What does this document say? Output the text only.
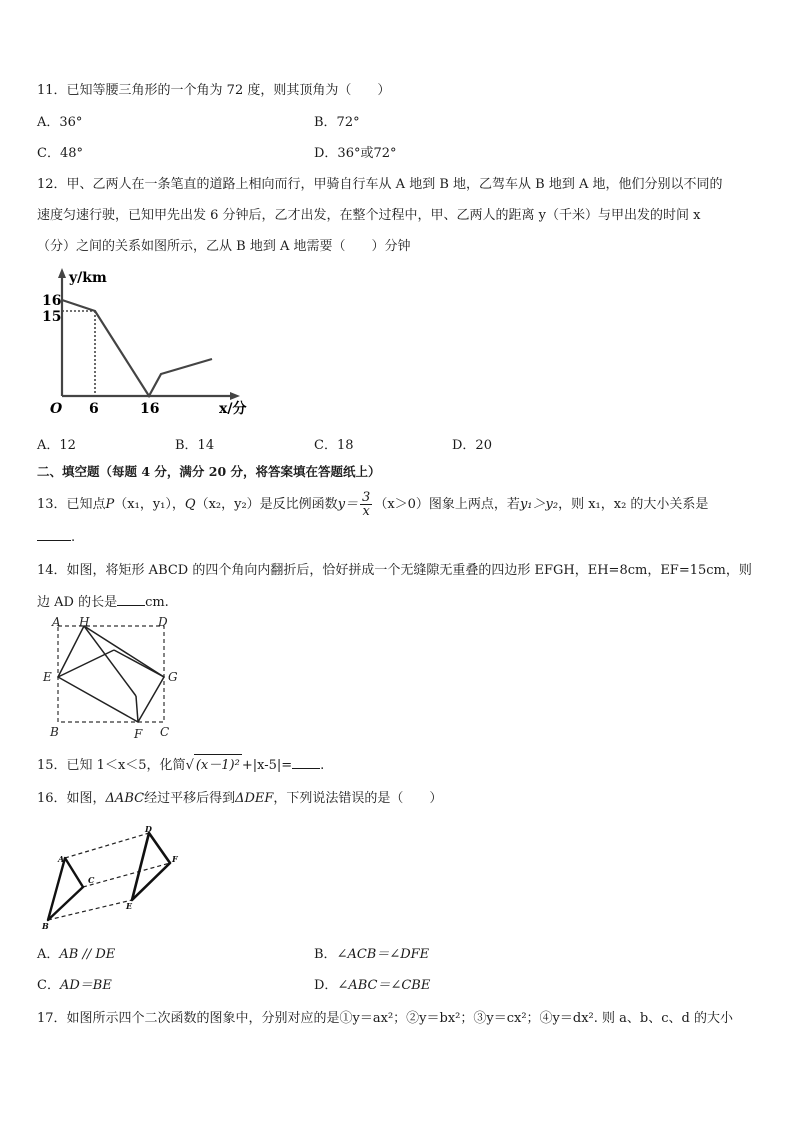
11．已知等腰三角形的一个角为 72 度，则其顶角为（　　）
A．36°	B．72°
C．48°	D．36°或72°
12．甲、乙两人在一条笔直的道路上相向而行，甲骑自行车从 A 地到 B 地，乙驾车从 B 地到 A 地，他们分别以不同的
速度匀速行驶，已知甲先出发 6 分钟后，乙才出发，在整个过程中，甲、乙两人的距离 y（千米）与甲出发的时间 x
（分）之间的关系如图所示，乙从 B 地到 A 地需要（　　）分钟
y/km
16
15
O 6	16	x/分
A．12	B．14	C．18	D．20
二、填空题（每题 4 分，满分 20 分，将答案填在答题纸上）
13．已知点P（x₁，y₁），Q（x₂，y₂）是反比例函数$y= \frac{3}{x} (x>0)$图象上两点，若y₁＞y₂，则 x₁，x₂ 的大小关系是
.
14．如图，将矩形 ABCD 的四个角向内翻折后，恰好拼成一个无缝隙无重叠的四边形 EFGH，EH=8cm，EF=15cm，则
边 AD 的长是 cm.
A H	D
E	G
B	F C
15．已知 1＜x＜5，化简√ (x－1)² +|x-5|= .
16．如图，ΔABC经过平移后得到ΔDEF，下列说法错误的是（　　）
A
C
B
D
F
E
A．AB // DE	B．∠ACB＝∠DFE
C．AD＝BE	D．∠ABC＝∠CBE
17．如图所示四个二次函数的图象中，分别对应的是①y＝ax²；②y＝bx²；③y＝cx²；④y＝dx². 则 a、b、c、d 的大小
